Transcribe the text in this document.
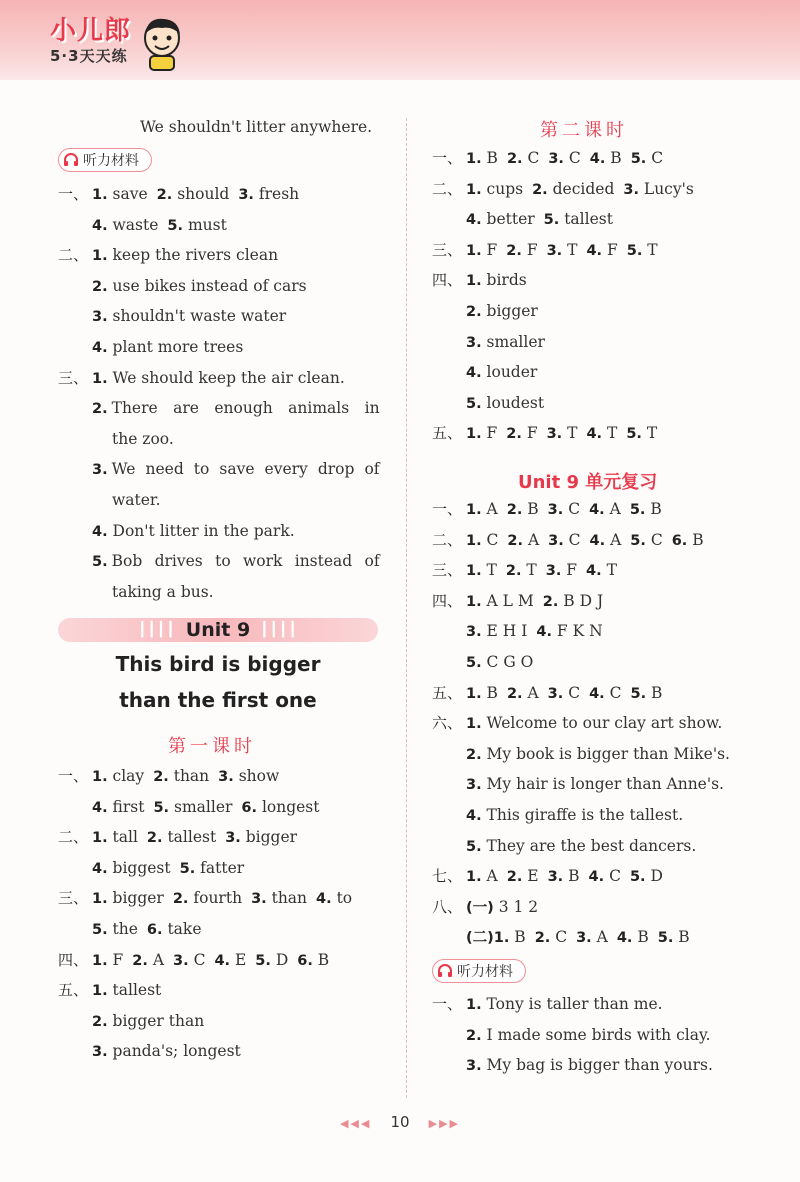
小儿郎
5·3天天练
We shouldn't litter anywhere.
听力材料
一、 1. save 2. should 3. fresh
4. waste 5. must
二、 1. keep the rivers clean
2. use bikes instead of cars
3. shouldn't waste water
4. plant more trees
三、 1. We should keep the air clean.
2. There are enough animals in
the zoo.
3. We need to save every drop of
water.
4. Don't litter in the park.
5. Bob drives to work instead of
taking a bus.
┃┃┃┃ Unit 9 ┃┃┃┃
This bird is bigger
than the first one
第一课时
一、 1. clay 2. than 3. show
4. first 5. smaller 6. longest
二、 1. tall 2. tallest 3. bigger
4. biggest 5. fatter
三、 1. bigger 2. fourth 3. than 4. to
5. the 6. take
四、 1. F 2. A 3. C 4. E 5. D 6. B
五、 1. tallest
2. bigger than
3. panda's; longest
第二课时
一、 1. B 2. C 3. C 4. B 5. C
二、 1. cups 2. decided 3. Lucy's
4. better 5. tallest
三、 1. F 2. F 3. T 4. F 5. T
四、 1. birds
2. bigger
3. smaller
4. louder
5. loudest
五、 1. F 2. F 3. T 4. T 5. T
Unit 9 单元复习
一、 1. A 2. B 3. C 4. A 5. B
二、 1. C 2. A 3. C 4. A 5. C 6. B
三、 1. T 2. T 3. F 4. T
四、 1. A L M 2. B D J
3. E H I 4. F K N
5. C G O
五、 1. B 2. A 3. C 4. C 5. B
六、 1. Welcome to our clay art show.
2. My book is bigger than Mike's.
3. My hair is longer than Anne's.
4. This giraffe is the tallest.
5. They are the best dancers.
七、 1. A 2. E 3. B 4. C 5. D
八、 (一) 3 1 2
(二)1. B 2. C 3. A 4. B 5. B
听力材料
一、 1. Tony is taller than me.
2. I made some birds with clay.
3. My bag is bigger than yours.
◀◀◀ 10 ▶▶▶
